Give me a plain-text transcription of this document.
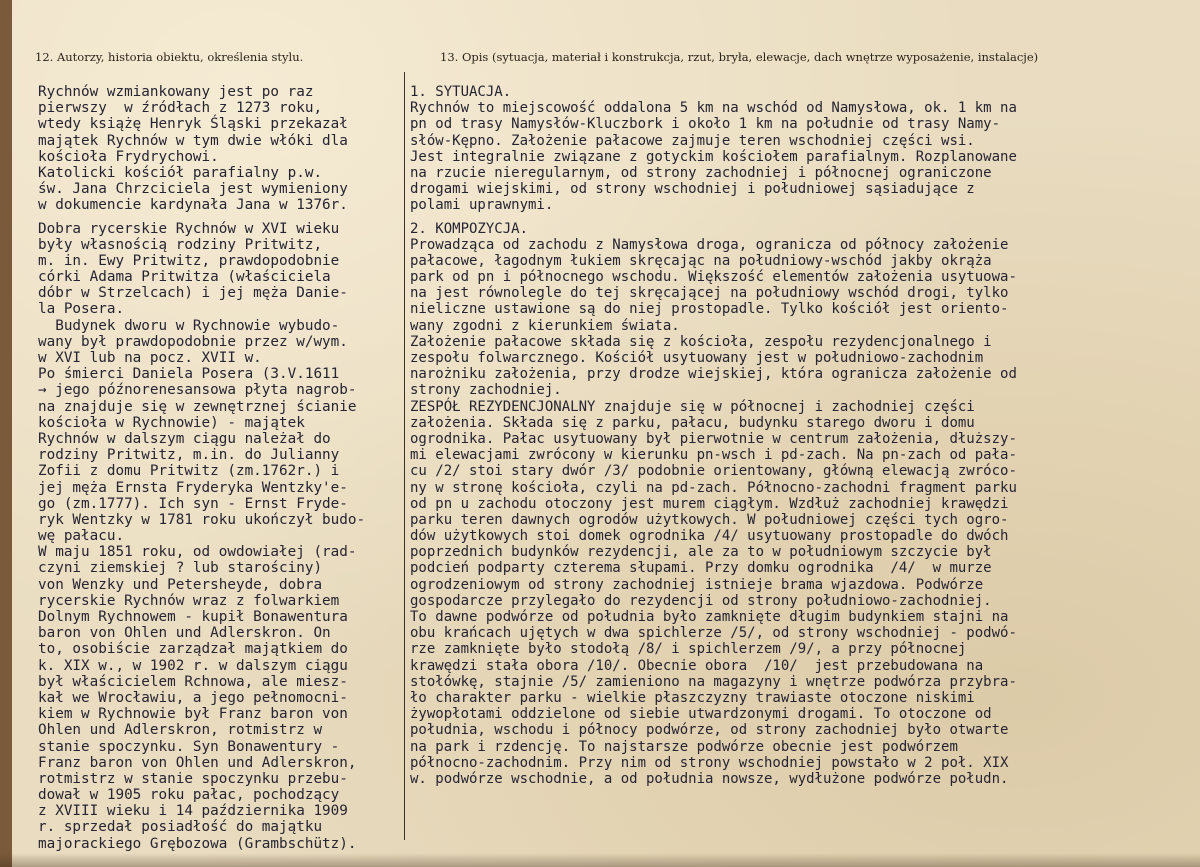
12. Autorzy, historia obiektu, określenia stylu.	13. Opis (sytuacja, materiał i konstrukcja, rzut, bryła, elewacje, dach wnętrze wyposażenie, instalacje)
Rychnów wzmiankowany jest po raz
pierwszy  w źródłach z 1273 roku,
wtedy książę Henryk Śląski przekazał
majątek Rychnów w tym dwie włóki dla
kościoła Frydrychowi.
Katolicki kościół parafialny p.w.
św. Jana Chrzciciela jest wymieniony
w dokumencie kardynała Jana w 1376r.
Dobra rycerskie Rychnów w XVI wieku
były własnością rodziny Pritwitz,
m. in. Ewy Pritwitz, prawdopodobnie
córki Adama Pritwitza (właściciela
dóbr w Strzelcach) i jej męża Danie-
la Posera.
Budynek dworu w Rychnowie wybudo-
wany był prawdopodobnie przez w/wym.
w XVI lub na pocz. XVII w.
Po śmierci Daniela Posera (3.V.1611
→ jego późnorenesansowa płyta nagrob-
na znajduje się w zewnętrznej ścianie
kościoła w Rychnowie) - majątek
Rychnów w dalszym ciągu należał do
rodziny Pritwitz, m.in. do Julianny
Zofii z domu Pritwitz (zm.1762r.) i
jej męża Ernsta Fryderyka Wentzky'e-
go (zm.1777). Ich syn - Ernst Fryde-
ryk Wentzky w 1781 roku ukończył budo-
wę pałacu.
W maju 1851 roku, od owdowiałej (rad-
czyni ziemskiej ? lub starościny)
von Wenzky und Petersheyde, dobra
rycerskie Rychnów wraz z folwarkiem
Dolnym Rychnowem - kupił Bonawentura
baron von Ohlen und Adlerskron. On
to, osobiście zarządzał majątkiem do
k. XIX w., w 1902 r. w dalszym ciągu
był właścicielem Rchnowa, ale miesz-
kał we Wrocławiu, a jego pełnomocni-
kiem w Rychnowie był Franz baron von
Ohlen und Adlerskron, rotmistrz w
stanie spoczynku. Syn Bonawentury -
Franz baron von Ohlen und Adlerskron,
rotmistrz w stanie spoczynku przebu-
dował w 1905 roku pałac, pochodzący
z XVIII wieku i 14 października 1909
r. sprzedał posiadłość do majątku
majorackiego Grębozowa (Grambschütz).
1. SYTUACJA.
Rychnów to miejscowość oddalona 5 km na wschód od Namysłowa, ok. 1 km na
pn od trasy Namysłów-Kluczbork i około 1 km na południe od trasy Namy-
słów-Kępno. Założenie pałacowe zajmuje teren wschodniej części wsi.
Jest integralnie związane z gotyckim kościołem parafialnym. Rozplanowane
na rzucie nieregularnym, od strony zachodniej i północnej ograniczone
drogami wiejskimi, od strony wschodniej i południowej sąsiadujące z
polami uprawnymi.
2. KOMPOZYCJA.
Prowadząca od zachodu z Namysłowa droga, ogranicza od północy założenie
pałacowe, łagodnym łukiem skręcając na południowy-wschód jakby okrąża
park od pn i północnego wschodu. Większość elementów założenia usytuowa-
na jest równolegle do tej skręcającej na południowy wschód drogi, tylko
nieliczne ustawione są do niej prostopadle. Tylko kościół jest oriento-
wany zgodni z kierunkiem świata.
Założenie pałacowe składa się z kościoła, zespołu rezydencjonalnego i
zespołu folwarcznego. Kościół usytuowany jest w południowo-zachodnim
narożniku założenia, przy drodze wiejskiej, która ogranicza założenie od
strony zachodniej.
ZESPÓŁ REZYDENCJONALNY znajduje się w północnej i zachodniej części
założenia. Składa się z parku, pałacu, budynku starego dworu i domu
ogrodnika. Pałac usytuowany był pierwotnie w centrum założenia, dłuższy-
mi elewacjami zwrócony w kierunku pn-wsch i pd-zach. Na pn-zach od pała-
cu /2/ stoi stary dwór /3/ podobnie orientowany, główną elewacją zwróco-
ny w stronę kościoła, czyli na pd-zach. Północno-zachodni fragment parku
od pn u zachodu otoczony jest murem ciągłym. Wzdłuż zachodniej krawędzi
parku teren dawnych ogrodów użytkowych. W południowej części tych ogro-
dów użytkowych stoi domek ogrodnika /4/ usytuowany prostopadle do dwóch
poprzednich budynków rezydencji, ale za to w południowym szczycie był
podcień podparty czterema słupami. Przy domku ogrodnika  /4/  w murze
ogrodzeniowym od strony zachodniej istnieje brama wjazdowa. Podwórze
gospodarcze przylegało do rezydencji od strony południowo-zachodniej.
To dawne podwórze od południa było zamknięte długim budynkiem stajni na
obu krańcach ujętych w dwa spichlerze /5/, od strony wschodniej - podwó-
rze zamknięte było stodołą /8/ i spichlerzem /9/, a przy północnej
krawędzi stała obora /10/. Obecnie obora  /10/  jest przebudowana na
stołówkę, stajnie /5/ zamieniono na magazyny i wnętrze podwórza przybra-
ło charakter parku - wielkie płaszczyzny trawiaste otoczone niskimi
żywopłotami oddzielone od siebie utwardzonymi drogami. To otoczone od
południa, wschodu i północy podwórze, od strony zachodniej było otwarte
na park i rzdencję. To najstarsze podwórze obecnie jest podwórzem
północno-zachodnim. Przy nim od strony wschodniej powstało w 2 poł. XIX
w. podwórze wschodnie, a od południa nowsze, wydłużone podwórze połudn.
